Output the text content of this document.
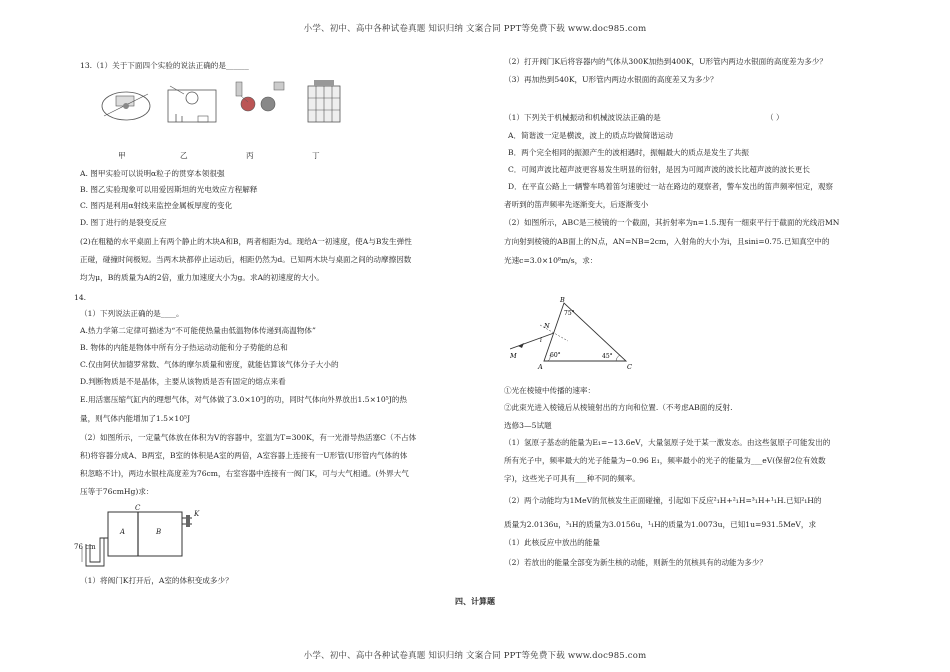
小学、初中、高中各种试卷真题 知识归纳 文案合同 PPT等免费下载 www.doc985.com
13.（1）关于下面四个实验的说法正确的是______
甲	乙	丙	丁
A. 图甲实验可以说明α粒子的贯穿本领很强
B. 图乙实验现象可以用爱因斯坦的光电效应方程解释
C. 图丙是利用α射线来监控金属板厚度的变化
D. 图丁进行的是裂变反应
(2)在粗糙的水平桌面上有两个静止的木块A和B，两者相距为d。现给A一初速度，使A与B发生弹性
正碰，碰撞时间极短。当两木块都停止运动后，相距仍然为d。已知两木块与桌面之间的动摩擦因数
均为μ，B的质量为A的2倍，重力加速度大小为g。求A的初速度的大小。
14.
（1）下列说法正确的是____。
A.热力学第二定律可描述为“不可能使热量由低温物体传递到高温物体”
B. 物体的内能是物体中所有分子热运动动能和分子势能的总和
C.仅由阿伏加德罗常数、气体的摩尔质量和密度，就能估算该气体分子大小的
D.判断物质是不是晶体，主要从该物质是否有固定的熔点来看
E.用活塞压缩气缸内的理想气体，对气体做了3.0×10⁵J的功，同时气体向外界放出1.5×10⁵J的热
量，则气体内能增加了1.5×10⁵J
（2）如图所示，一定量气体放在体积为V的容器中，室温为T=300K，有一光滑导热活塞C（不占体
积)将容器分成A、B两室，B室的体积是A室的两倍，A室容器上连接有一U形管(U形管内气体的体
积忽略不计)，两边水银柱高度差为76cm，右室容器中连接有一阀门K，可与大气相通。(外界大气
压等于76cmHg)求：
A	B
C
K
76 cm
（1）将阀门K打开后，A室的体积变成多少？
（2）打开阀门K后将容器内的气体从300K加热到400K，U形管内两边水银面的高度差为多少？
（3）再加热到540K，U形管内两边水银面的高度差又为多少？
（1）下列关于机械振动和机械波说法正确的是	（ ）
A．简谐波一定是横波，波上的质点均做简谐运动
B．两个完全相同的振源产生的波相遇时，振幅最大的质点是发生了共振
C．可闻声波比超声波更容易发生明显的衍射，是因为可闻声波的波长比超声波的波长更长
D．在平直公路上一辆警车鸣着笛匀速驶过一站在路边的观察者，警车发出的笛声频率恒定，观察
者听到的笛声频率先逐渐变大，后逐渐变小
（2）如图所示，ABC是三棱镜的一个截面，其折射率为n=1.5.现有一细束平行于截面的光线沿MN
方向射到棱镜的AB面上的N点，AN=NB=2cm，入射角的大小为i，且sini=0.75.已知真空中的
光速c=3.0×10⁸m/s，求：
B
A	C
M
N
i
75°
60°	45°
①光在棱镜中传播的速率：
②此束光进入棱镜后从棱镜射出的方向和位置.（不考虑AB面的反射.
选修3—5试题
（1）氢原子基态的能量为E₁=−13.6eV，大量氢原子处于某一激发态。由这些氢原子可能发出的
所有光子中，频率最大的光子能量为−0.96 E₁，频率最小的光子的能量为___eV(保留2位有效数
字)，这些光子可具有___种不同的频率。
（2）两个动能均为1MeV的氘核发生正面碰撞，引起如下反应²₁H+²₁H=³₁H+¹₁H.已知²₁H的
质量为2.0136u，³₁H的质量为3.0156u，¹₁H的质量为1.0073u，已知1u=931.5MeV，求
（1）此核反应中放出的能量
（2）若放出的能量全部变为新生核的动能，则新生的氘核具有的动能为多少？
四、计算题
小学、初中、高中各种试卷真题 知识归纳 文案合同 PPT等免费下载 www.doc985.com
